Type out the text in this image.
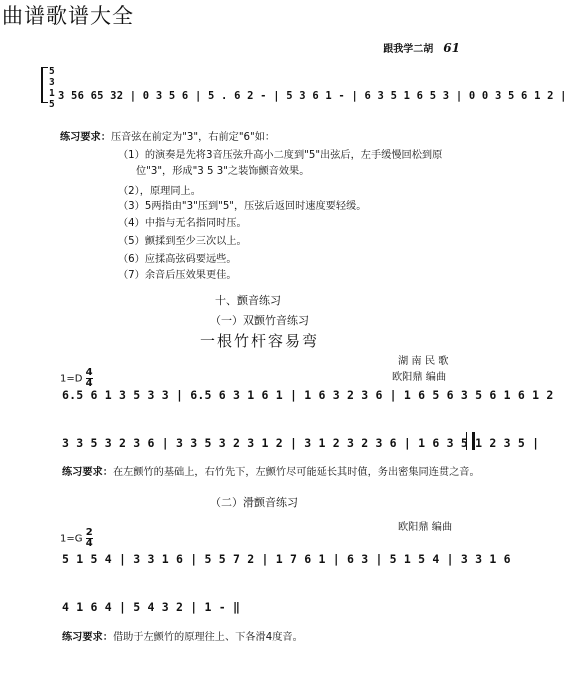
曲谱歌谱大全
跟我学二胡 61
5
3
1
5
3 56 65 32 | 0 3 5 6 | 5 . 6 2 - | 5 3 6 1 - | 6 3 5 1 6 5 3 | 0 0 3 5 6 1 2 |
练习要求：压音弦在前定为"3"，右前定"6"如：
（1）的演奏是先将3音压弦升高小二度到"5"出弦后，左手缓慢回松到原
位"3"，形成"3 5 3"之装饰颤音效果。
（2），原理同上。
（3）5两指由"3"压到"5"，压弦后返回时速度要轻缓。
（4）中指与无名指同时压。
（5）颤揉到至少三次以上。
（6）应揉高弦码要远些。
（7）余音后压效果更佳。
十、颤音练习
（一）双颤竹音练习
一根竹杆容易弯
湖 南 民 歌
欧阳鼎 编曲
$1=D \frac{4}{4}$
6.5 6 1 3 5 3 3 | 6.5 6 3 1 6 1 | 1 6 3 2 3 6 | 1 6 5 6 3 5 6 1 6 1 2
3 3 5 3 2 3 6 | 3 3 5 3 2 3 1 2 | 3 1 2 3 2 3 6 | 1 6 3 5 1 2 3 5 |
练习要求：在左颤竹的基础上，右竹先下，左颤竹尽可能延长其时值，务出密集同连贯之音。
（二）滑颤音练习
欧阳鼎 编曲
$1=G \frac{2}{4}$
5 1 5 4 | 3 3 1 6 | 5 5 7 2 | 1 7 6 1 | 6 3 | 5 1 5 4 | 3 3 1 6
4 1 6 4 | 5 4 3 2 | 1 - ‖
练习要求：借助于左颤竹的原理往上、下各滑4度音。
